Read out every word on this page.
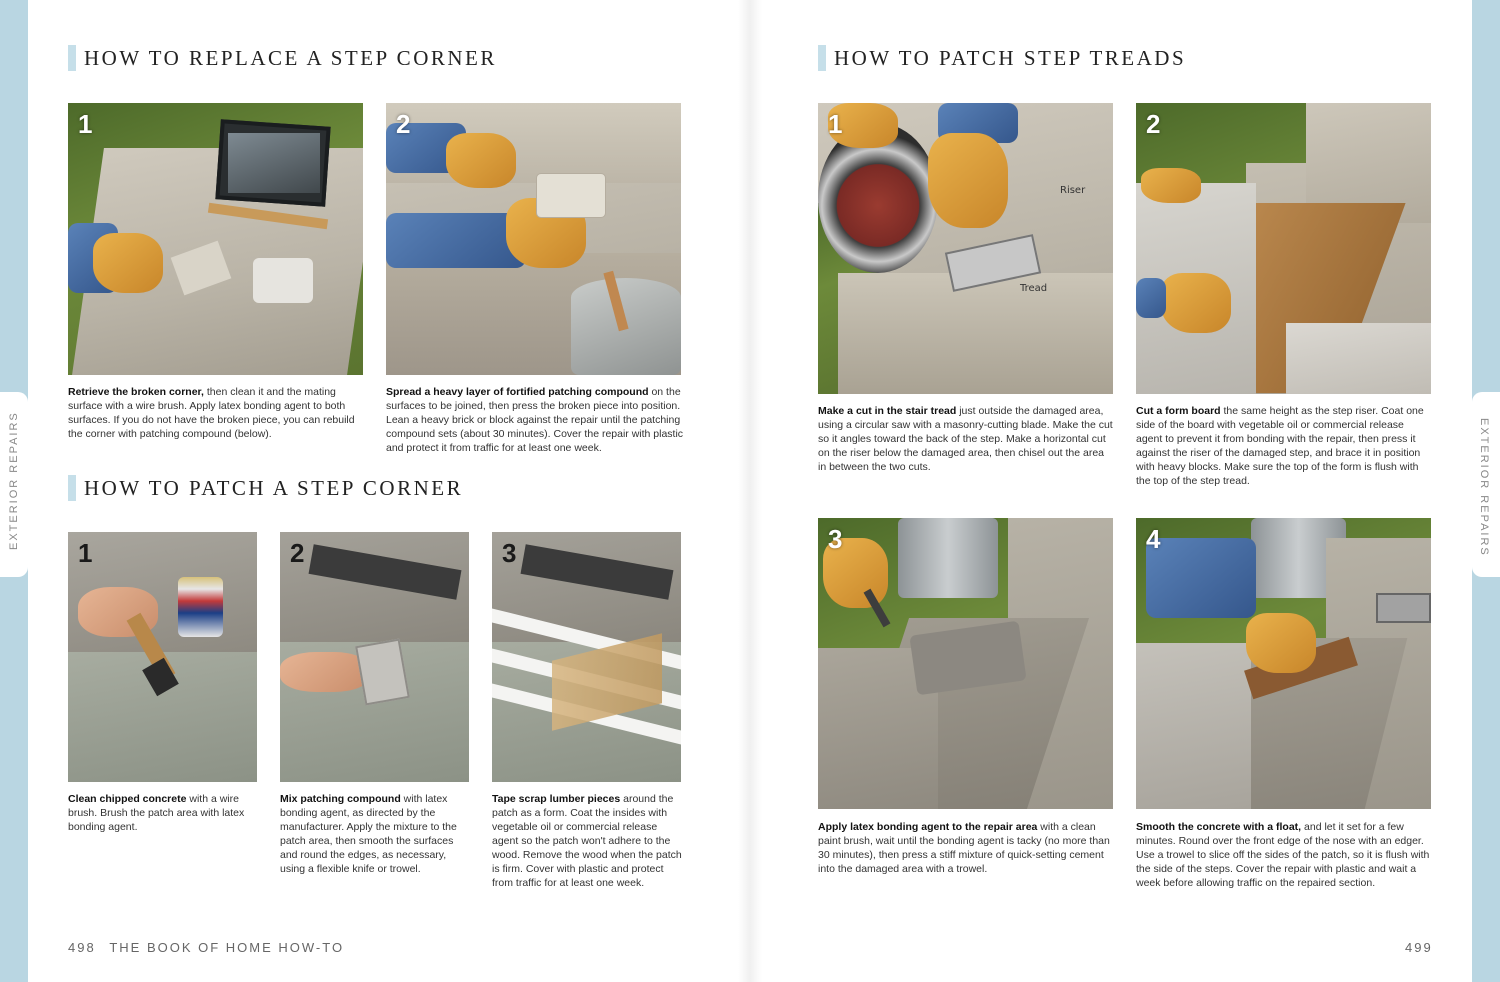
EXTERIOR REPAIRS	EXTERIOR REPAIRS
HOW TO REPLACE A STEP CORNER
1
Retrieve the broken corner, then clean it and the mating surface with a wire brush. Apply latex bonding agent to both surfaces. If you do not have the broken piece, you can rebuild the corner with patching compound (below).
2
Spread a heavy layer of fortified patching compound on the surfaces to be joined, then press the broken piece into position. Lean a heavy brick or block against the repair until the patching compound sets (about 30 minutes). Cover the repair with plastic and protect it from traffic for at least one week.
HOW TO PATCH A STEP CORNER
1
Clean chipped concrete with a wire brush. Brush the patch area with latex bonding agent.
2
Mix patching compound with latex bonding agent, as directed by the manufacturer. Apply the mixture to the patch area, then smooth the surfaces and round the edges, as necessary, using a flexible knife or trowel.
3
Tape scrap lumber pieces around the patch as a form. Coat the insides with vegetable oil or commercial release agent so the patch won't adhere to the wood. Remove the wood when the patch is firm. Cover with plastic and protect from traffic for at least one week.
498 THE BOOK OF HOME HOW-TO
HOW TO PATCH STEP TREADS
Riser
Tread
1
Make a cut in the stair tread just outside the damaged area, using a circular saw with a masonry-cutting blade. Make the cut so it angles toward the back of the step. Make a horizontal cut on the riser below the damaged area, then chisel out the area in between the two cuts.
2
Cut a form board the same height as the step riser. Coat one side of the board with vegetable oil or commercial release agent to prevent it from bonding with the repair, then press it against the riser of the damaged step, and brace it in position with heavy blocks. Make sure the top of the form is flush with the top of the step tread.
3
Apply latex bonding agent to the repair area with a clean paint brush, wait until the bonding agent is tacky (no more than 30 minutes), then press a stiff mixture of quick-setting cement into the damaged area with a trowel.
4
Smooth the concrete with a float, and let it set for a few minutes. Round over the front edge of the nose with an edger. Use a trowel to slice off the sides of the patch, so it is flush with the side of the steps. Cover the repair with plastic and wait a week before allowing traffic on the repaired section.
499
